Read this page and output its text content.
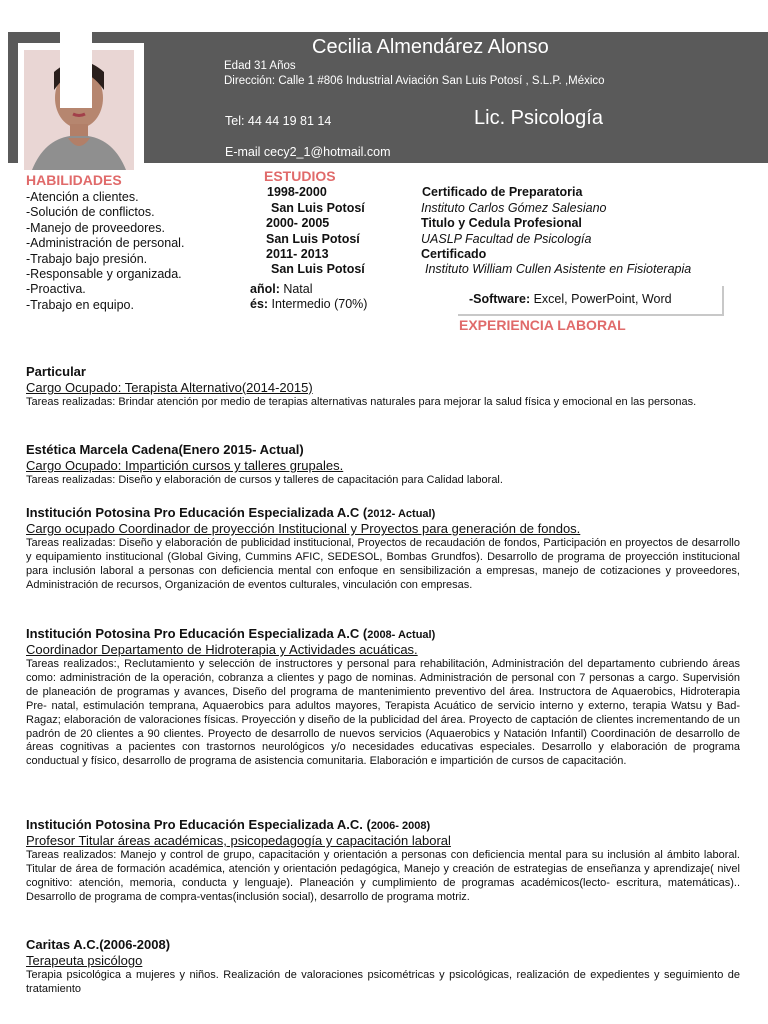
Cecilia Almendárez Alonso
Edad 31 Años
Dirección: Calle 1 #806 Industrial Aviación San Luis Potosí , S.L.P. ,México
Tel: 44 44 19 81 14	Lic. Psicología
E-mail cecy2_1@hotmail.com
HABILIDADES
-Atención a clientes.
-Solución de conflictos.
-Manejo de proveedores.
-Administración de personal.
-Trabajo bajo presión.
-Responsable y organizada.
-Proactiva.
-Trabajo en equipo.
ESTUDIOS
1998-2000	Certificado de Preparatoria
San Luis Potosí	Instituto Carlos Gómez Salesiano
2000- 2005	Titulo y Cedula Profesional
San Luis Potosí	UASLP Facultad de Psicología
2011- 2013	Certificado
San Luis Potosí	Instituto William Cullen Asistente en Fisioterapia
añol: Natal
és: Intermedio (70%)	-Software: Excel, PowerPoint, Word
EXPERIENCIA LABORAL
Particular
Cargo Ocupado: Terapista Alternativo(2014-2015)
Tareas realizadas: Brindar atención por medio de terapias alternativas naturales para mejorar la salud física y emocional en las personas.
Estética Marcela Cadena(Enero 2015- Actual)
Cargo Ocupado: Impartición cursos y talleres grupales.
Tareas realizadas: Diseño y elaboración de cursos y talleres de capacitación para Calidad laboral.
Institución Potosina Pro Educación Especializada A.C (2012- Actual)
Cargo ocupado Coordinador de proyección Institucional y Proyectos para generación de fondos.
Tareas realizadas: Diseño y elaboración de publicidad institucional, Proyectos de recaudación de fondos, Participación en proyectos de desarrollo y equipamiento institucional (Global Giving, Cummins AFIC, SEDESOL, Bombas Grundfos). Desarrollo de programa de proyección institucional para inclusión laboral a personas con deficiencia mental con enfoque en sensibilización a empresas, manejo de cotizaciones y proveedores, Administración de recursos, Organización de eventos culturales, vinculación con empresas.
Institución Potosina Pro Educación Especializada A.C (2008- Actual)
Coordinador Departamento de Hidroterapia y Actividades acuáticas.
Tareas realizados:, Reclutamiento y selección de instructores y personal para rehabilitación, Administración del departamento cubriendo áreas como: administración de la operación, cobranza a clientes y pago de nominas. Administración de personal con 7 personas a cargo. Supervisión de planeación de programas y avances, Diseño del programa de mantenimiento preventivo del área. Instructora de Aquaerobics, Hidroterapia Pre- natal, estimulación temprana, Aquaerobics para adultos mayores, Terapista Acuático de servicio interno y externo, terapia Watsu y Bad- Ragaz; elaboración de valoraciones físicas. Proyección y diseño de la publicidad del área. Proyecto de captación de clientes incrementando de un padrón de 20 clientes a 90 clientes. Proyecto de desarrollo de nuevos servicios (Aquaerobics y Natación Infantil) Coordinación de desarrollo de áreas cognitivas a pacientes con trastornos neurológicos y/o necesidades educativas especiales. Desarrollo y elaboración de programa conductual y físico, desarrollo de programa de asistencia comunitaria. Elaboración e impartición de cursos de capacitación.
Institución Potosina Pro Educación Especializada A.C. (2006- 2008)
Profesor Titular áreas académicas, psicopedagogía y capacitación laboral
Tareas realizados: Manejo y control de grupo, capacitación y orientación a personas con deficiencia mental para su inclusión al ámbito laboral. Titular de área de formación académica, atención y orientación pedagógica, Manejo y creación de estrategias de enseñanza y aprendizaje( nivel cognitivo: atención, memoria, conducta y lenguaje). Planeación y cumplimiento de programas académicos(lecto- escritura, matemáticas).. Desarrollo de programa de compra-ventas(inclusión social), desarrollo de programa motriz.
Caritas A.C.(2006-2008)
Terapeuta psicólogo
Terapia psicológica a mujeres y niños. Realización de valoraciones psicométricas y psicológicas, realización de expedientes y seguimiento de tratamiento
